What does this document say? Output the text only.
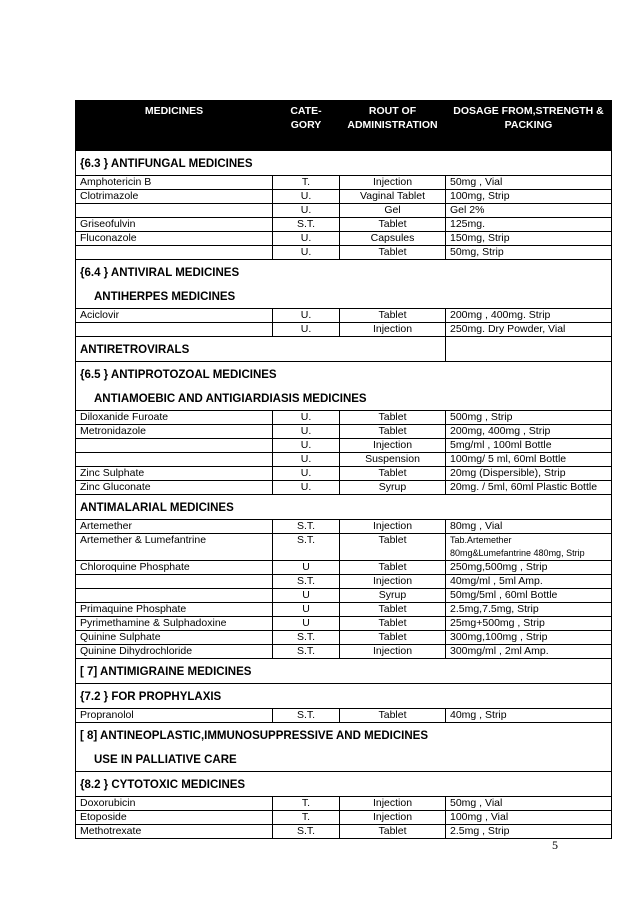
MEDICINES	CATE-GORY	ROUT OF ADMINISTRATION	DOSAGE FROM,STRENGTH & PACKING
{6.3 } ANTIFUNGAL MEDICINES			
Amphotericin B	T.	Injection	50mg , Vial
Clotrimazole	U.	Vaginal Tablet	100mg, Strip
	U.	Gel	Gel 2%
Griseofulvin	S.T.	Tablet	125mg.
Fluconazole	U.	Capsules	150mg, Strip
	U.	Tablet	50mg, Strip
{6.4 } ANTIVIRAL MEDICINES
ANTIHERPES MEDICINES			

Aciclovir	U.	Tablet	200mg , 400mg. Strip
	U.	Injection	250mg. Dry Powder, Vial
ANTIRETROVIRALS			
{6.5 } ANTIPROTOZOAL MEDICINES
ANTIAMOEBIC AND ANTIGIARDIASIS MEDICINES			

Diloxanide Furoate	U.	Tablet	500mg , Strip
Metronidazole	U.	Tablet	200mg, 400mg , Strip
	U.	Injection	5mg/ml , 100ml Bottle
	U.	Suspension	100mg/ 5 ml, 60ml Bottle
Zinc Sulphate	U.	Tablet	20mg (Dispersible), Strip
Zinc Gluconate	U.	Syrup	20mg. / 5ml, 60ml Plastic Bottle
ANTIMALARIAL MEDICINES			
Artemether	S.T.	Injection	80mg , Vial
Artemether & Lumefantrine	S.T.	Tablet	Tab.Artemether
80mg&Lumefantrine 480mg, Strip

Chloroquine Phosphate	U	Tablet	250mg,500mg , Strip
	S.T.	Injection	40mg/ml , 5ml Amp.
	U	Syrup	50mg/5ml , 60ml Bottle
Primaquine Phosphate	U	Tablet	2.5mg,7.5mg, Strip
Pyrimethamine & Sulphadoxine	U	Tablet	25mg+500mg , Strip
Quinine Sulphate	S.T.	Tablet	300mg,100mg , Strip
Quinine Dihydrochloride	S.T.	Injection	300mg/ml , 2ml Amp.
[ 7] ANTIMIGRAINE MEDICINES			
{7.2 } FOR PROPHYLAXIS			
Propranolol	S.T.	Tablet	40mg , Strip
[ 8] ANTINEOPLASTIC,IMMUNOSUPPRESSIVE AND MEDICINES
USE IN PALLIATIVE CARE			

{8.2 } CYTOTOXIC MEDICINES			
Doxorubicin	T.	Injection	50mg , Vial
Etoposide	T.	Injection	100mg , Vial
Methotrexate	S.T.	Tablet	2.5mg , Strip
5
